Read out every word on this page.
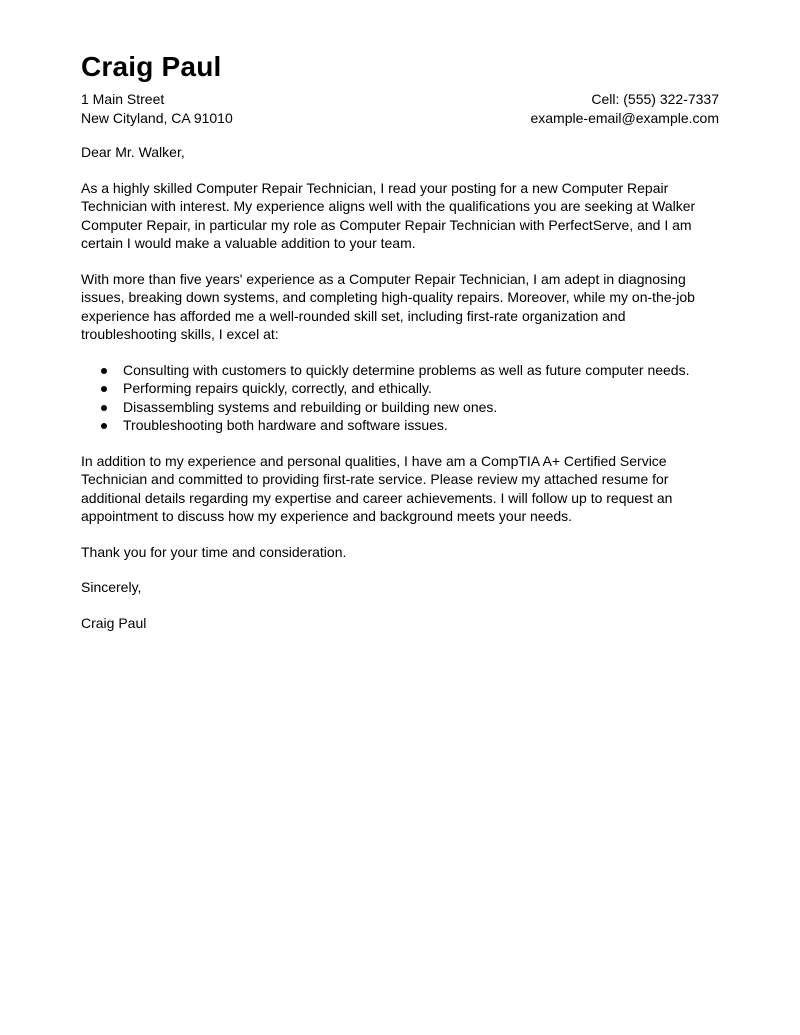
Craig Paul
1 Main Street
New Cityland, CA 91010
Cell: (555) 322-7337
example-email@example.com

Dear Mr. Walker,

As a highly skilled Computer Repair Technician, I read your posting for a new Computer Repair Technician with interest. My experience aligns well with the qualifications you are seeking at Walker Computer Repair, in particular my role as Computer Repair Technician with PerfectServe, and I am certain I would make a valuable addition to your team.

With more than five years' experience as a Computer Repair Technician, I am adept in diagnosing issues, breaking down systems, and completing high-quality repairs. Moreover, while my on-the-job experience has afforded me a well-rounded skill set, including first-rate organization and troubleshooting skills, I excel at:

Consulting with customers to quickly determine problems as well as future computer needs.
Performing repairs quickly, correctly, and ethically.
Disassembling systems and rebuilding or building new ones.
Troubleshooting both hardware and software issues.

In addition to my experience and personal qualities, I have am a CompTIA A+ Certified Service Technician and committed to providing first-rate service. Please review my attached resume for additional details regarding my expertise and career achievements. I will follow up to request an appointment to discuss how my experience and background meets your needs.

Thank you for your time and consideration.

Sincerely,

Craig Paul
